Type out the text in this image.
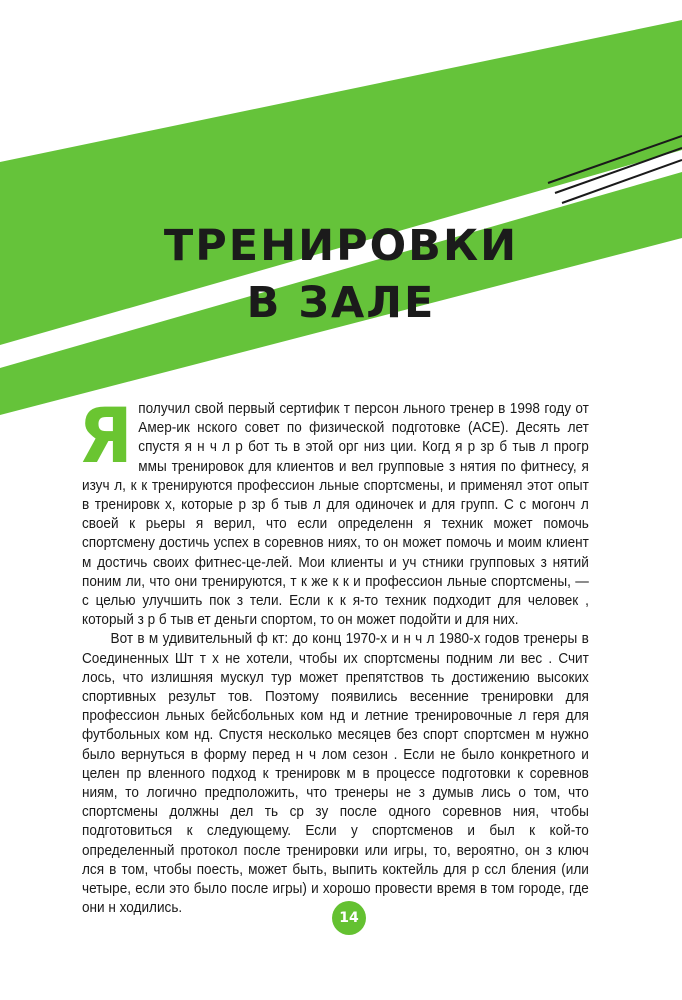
ТРЕНИРОВКИ
В ЗАЛЕ

Яполучил свой первый сертифик т персон льного тренер в 1998 году от Амер-ик нского совет по физической подготовке (ACE). Десять лет спустя я н ч л р бот ть в этой орг низ ции. Когд я р зр б тыв л прогр ммы тренировок для клиентов и вел групповые з нятия по фитнесу, я изуч л, к к тренируются профессион льные спортсмены, и применял этот опыт в тренировк х, которые р зр б тыв л для одиночек и для групп. С с могонч л своей к рьеры я верил, что если определенн я техник может помочь спортсмену достичь успех в соревнов ниях, то он может помочь и моим клиент м достичь своих фитнес-це-лей. Мои клиенты и уч стники групповых з нятий поним ли, что они тренируются, т к же к к и профессион льные спортсмены, — с целью улучшить пок з тели. Если к к я-то техник подходит для человек , который з р б тыв ет деньги спортом, то он может подойти и для них.

Вот в м удивительный ф кт: до конц 1970-х и н ч л 1980-х годов тренеры в Соединенных Шт т х не хотели, чтобы их спортсмены подним ли вес . Счит лось, что излишняя мускул тур может препятствов ть достижению высоких спортивных результ тов. Поэтому появились весенние тренировки для профессион льных бейсбольных ком нд и летние тренировочные л геря для футбольных ком нд. Спустя несколько месяцев без спорт спортсмен м нужно было вернуться в форму перед н ч лом сезон . Если не было конкретного и целен пр вленного подход к тренировк м в процессе подготовки к соревнов ниям, то логично предположить, что тренеры не з думыв лись о том, что спортсмены должны дел ть ср зу после одного соревнов ния, чтобы подготовиться к следующему. Если у спортсменов и был к кой-то определенный протокол после тренировки или игры, то, вероятно, он з ключ лся в том, чтобы поесть, может быть, выпить коктейль для р ссл бления (или четыре, если это было после игры) и хорошо провести время в том городе, где они н ходились.

14
